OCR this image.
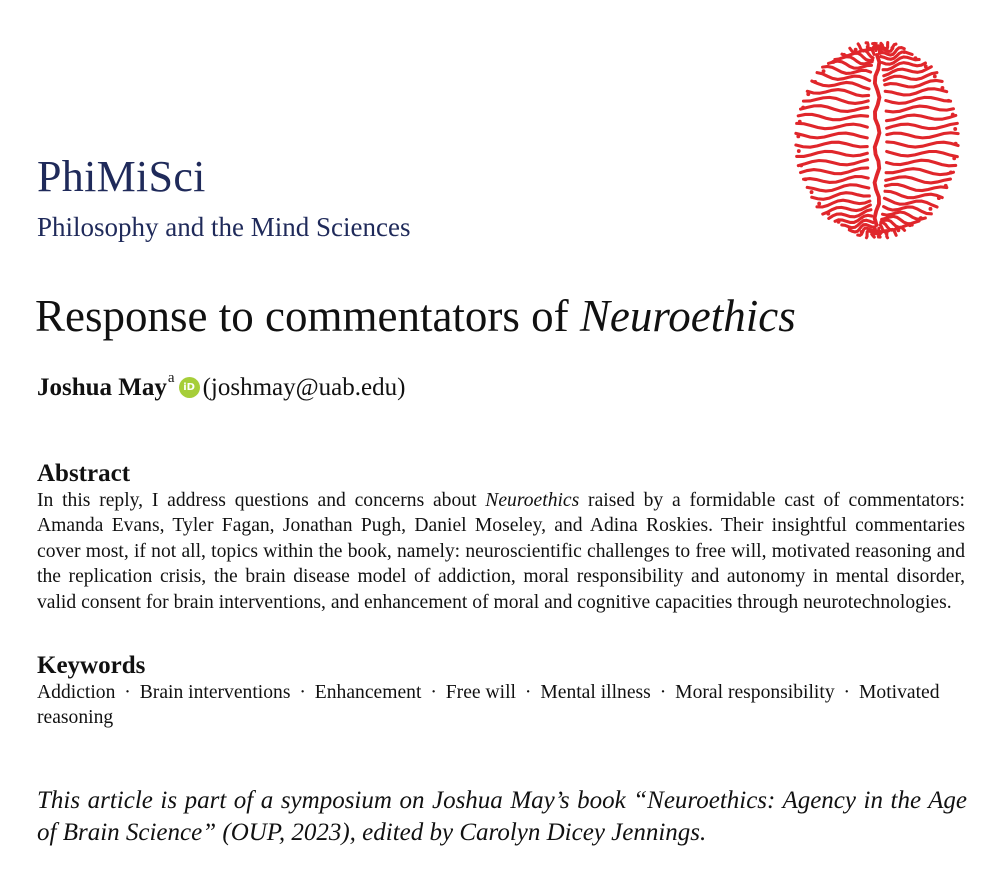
PhiMiSci
Philosophy and the Mind Sciences
Response to commentators of Neuroethics
Joshua May a
iD (joshmay@uab.edu)
Abstract
In this reply, I address questions and concerns about Neuroethics raised by a formidable cast of commentators: Amanda Evans, Tyler Fagan, Jonathan Pugh, Daniel Moseley, and Adina Roskies. Their insightful commentaries cover most, if not all, topics within the book, namely: neuroscientific challenges to free will, motivated reasoning and the replication crisis, the brain disease model of addiction, moral responsibility and autonomy in mental disorder, valid consent for brain interventions, and enhancement of moral and cognitive capacities through neurotechnologies.
Keywords
Addiction · Brain interventions · Enhancement · Free will · Mental illness · Moral responsibility · Motivated reasoning
This article is part of a symposium on Joshua May’s book “Neuroethics: Agency in the Age of Brain Science” (OUP, 2023), edited by Carolyn Dicey Jennings.
